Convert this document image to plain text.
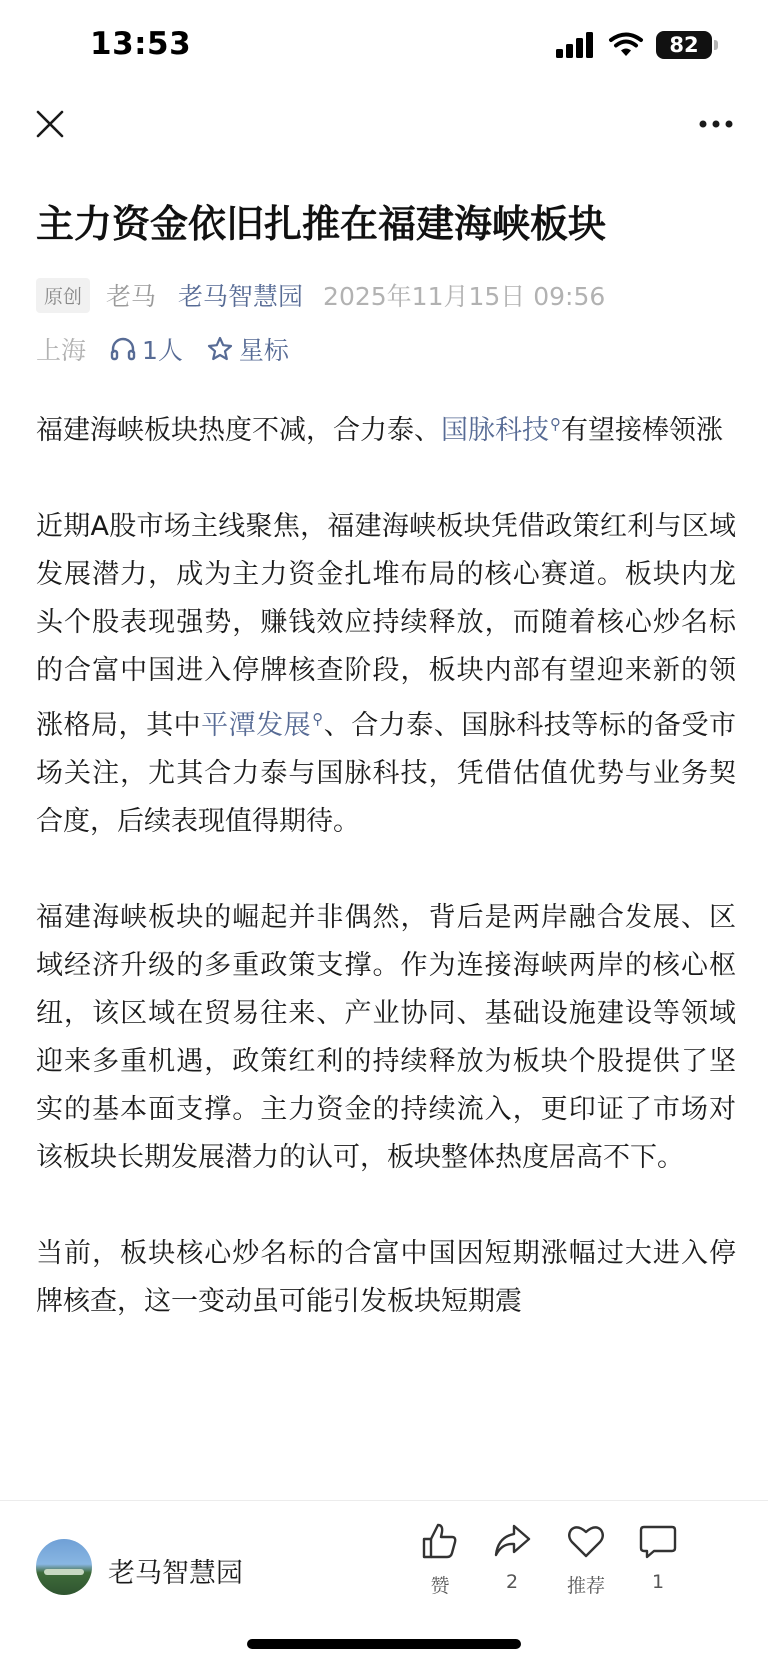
13:53	82
主力资金依旧扎推在福建海峡板块
原创 老马 老马智慧园 2025年11月15日 09:56
上海 1人 星标

福建海峡板块热度不减，合力泰、国脉科技⚲有望接棒领涨

近期A股市场主线聚焦，福建海峡板块凭借政策红利与区域发展潜力，成为主力资金扎堆布局的核心赛道。板块内龙头个股表现强势，赚钱效应持续释放，而随着核心炒名标的合富中国进入停牌核查阶段，板块内部有望迎来新的领涨格局，其中平潭发展⚲、合力泰、国脉科技等标的备受市场关注，尤其合力泰与国脉科技，凭借估值优势与业务契合度，后续表现值得期待。

福建海峡板块的崛起并非偶然，背后是两岸融合发展、区域经济升级的多重政策支撑。作为连接海峡两岸的核心枢纽，该区域在贸易往来、产业协同、基础设施建设等领域迎来多重机遇，政策红利的持续释放为板块个股提供了坚实的基本面支撑。主力资金的持续流入，更印证了市场对该板块长期发展潜力的认可，板块整体热度居高不下。

当前，板块核心炒名标的合富中国因短期涨幅过大进入停牌核查，这一变动虽可能引发板块短期震

老马智慧园	赞	2	推荐 1
